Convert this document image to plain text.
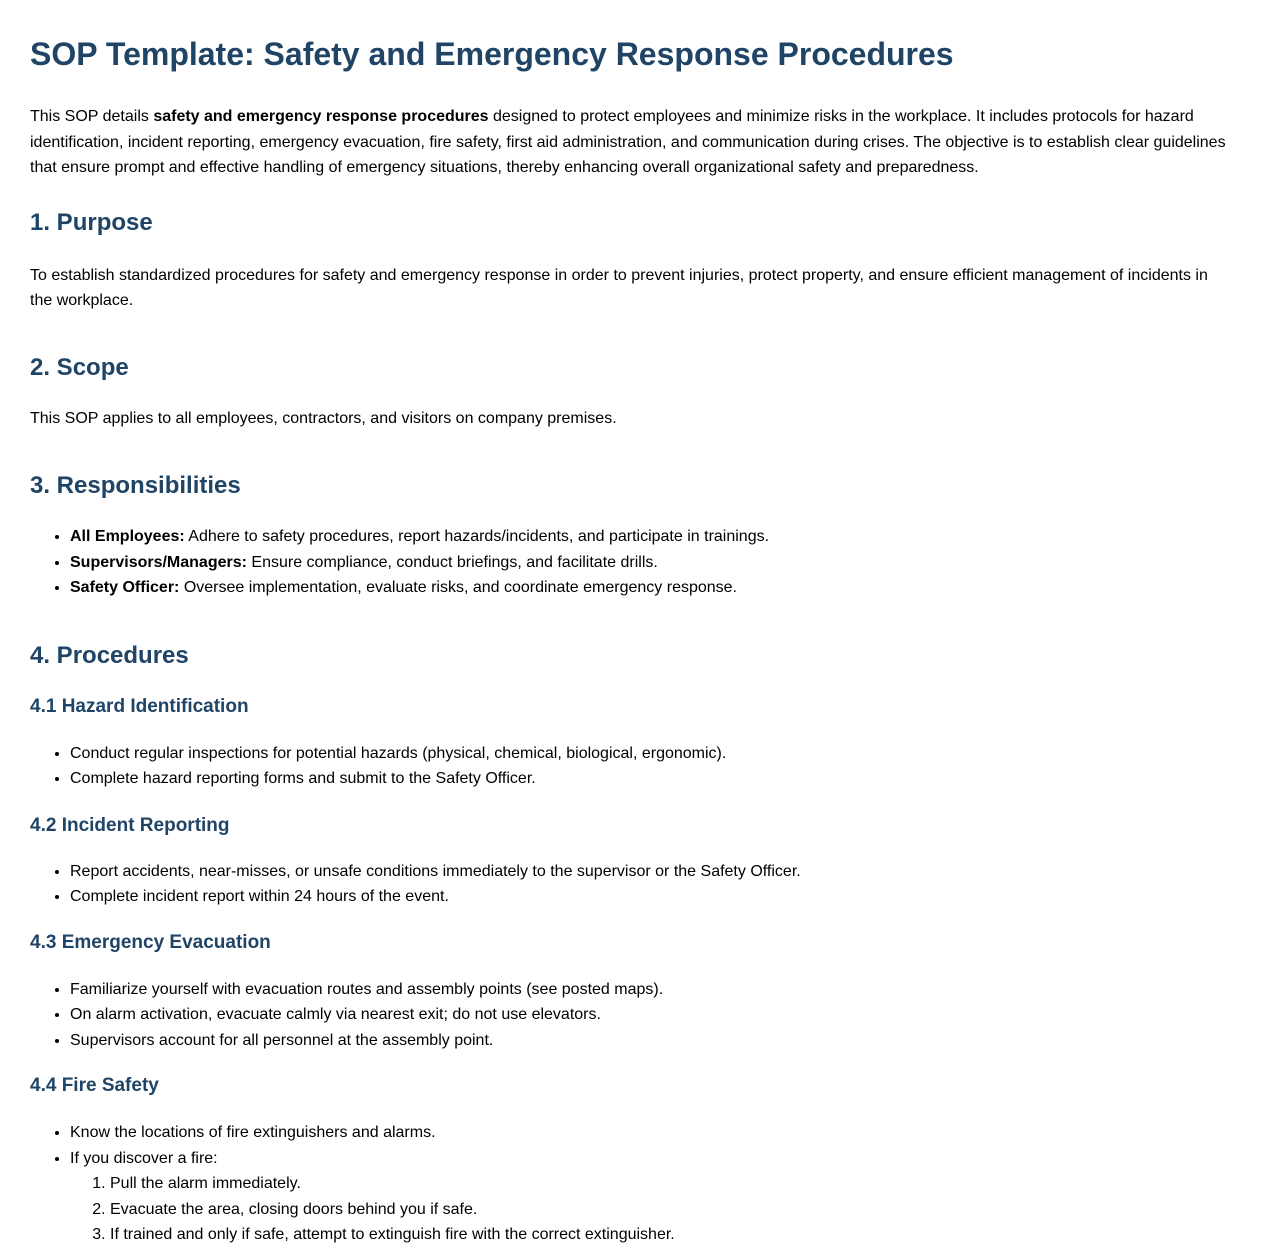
SOP Template: Safety and Emergency Response Procedures

This SOP details safety and emergency response procedures designed to protect employees and minimize risks in the workplace. It includes protocols for hazard identification, incident reporting, emergency evacuation, fire safety, first aid administration, and communication during crises. The objective is to establish clear guidelines that ensure prompt and effective handling of emergency situations, thereby enhancing overall organizational safety and preparedness.

1. Purpose

To establish standardized procedures for safety and emergency response in order to prevent injuries, protect property, and ensure efficient management of incidents in the workplace.

2. Scope

This SOP applies to all employees, contractors, and visitors on company premises.

3. Responsibilities
• All Employees: Adhere to safety procedures, report hazards/incidents, and participate in trainings.
• Supervisors/Managers: Ensure compliance, conduct briefings, and facilitate drills.
• Safety Officer: Oversee implementation, evaluate risks, and coordinate emergency response.
4. Procedures
4.1 Hazard Identification
• Conduct regular inspections for potential hazards (physical, chemical, biological, ergonomic).
• Complete hazard reporting forms and submit to the Safety Officer.
4.2 Incident Reporting
• Report accidents, near-misses, or unsafe conditions immediately to the supervisor or the Safety Officer.
• Complete incident report within 24 hours of the event.
4.3 Emergency Evacuation
• Familiarize yourself with evacuation routes and assembly points (see posted maps).
• On alarm activation, evacuate calmly via nearest exit; do not use elevators.
• Supervisors account for all personnel at the assembly point.
4.4 Fire Safety
• Know the locations of fire extinguishers and alarms.
• If you discover a fire:
1. Pull the alarm immediately.
2. Evacuate the area, closing doors behind you if safe.
3. If trained and only if safe, attempt to extinguish fire with the correct extinguisher.
